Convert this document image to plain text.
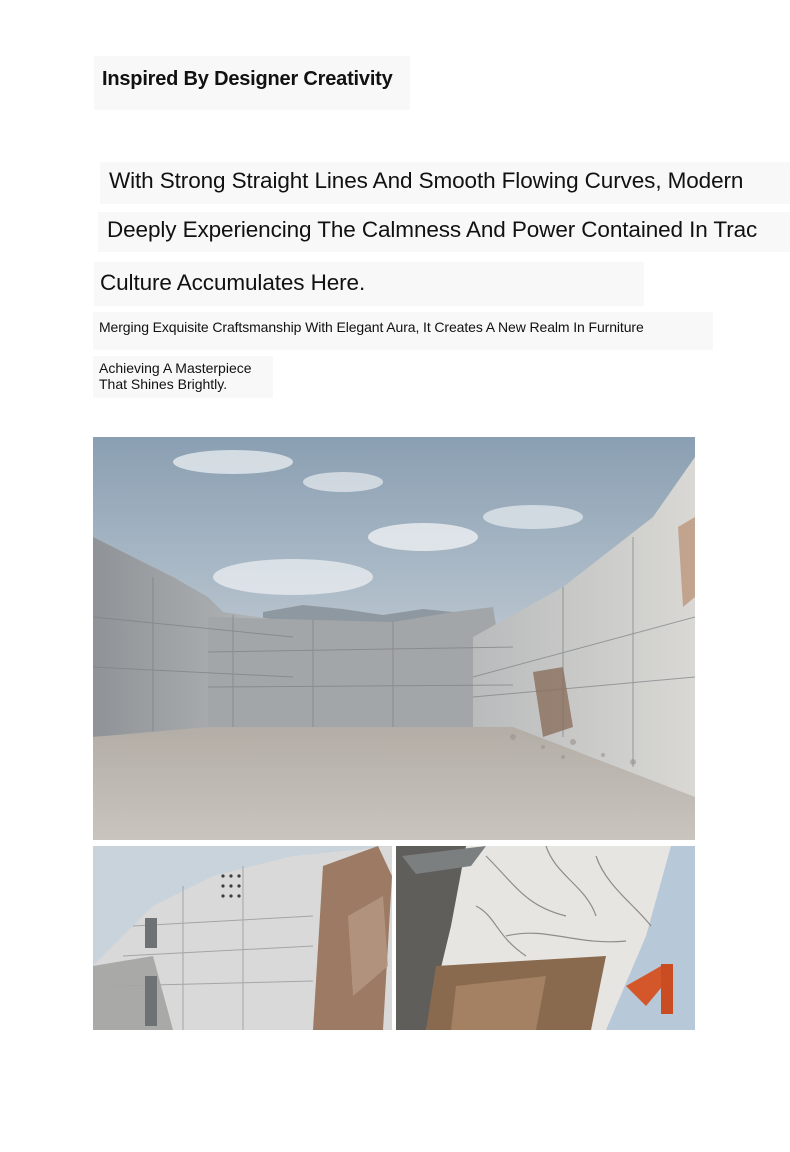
Inspired By Designer Creativity
With Strong Straight Lines And Smooth Flowing Curves, Modern
Deeply Experiencing The Calmness And Power Contained In Trac
Culture Accumulates Here.
Merging Exquisite Craftsmanship With Elegant Aura, It Creates A New Realm In Furniture
Achieving A Masterpiece
That Shines Brightly.
